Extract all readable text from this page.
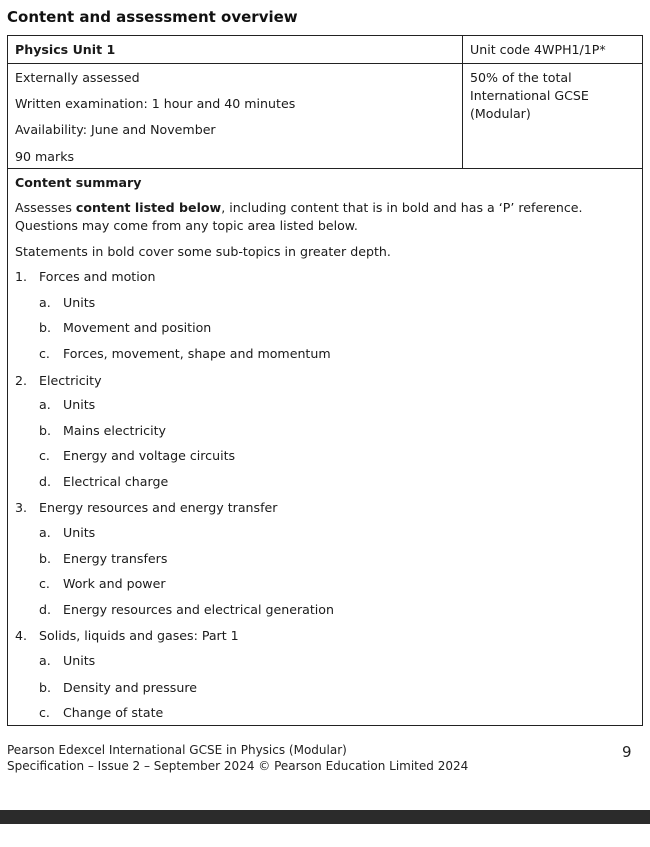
Content and assessment overview
Physics Unit 1	Unit code 4WPH1/1P*
Externally assessed
Written examination: 1 hour and 40 minutes
Availability: June and November
90 marks
50% of the total International GCSE (Modular)
Content summary
Assesses content listed below, including content that is in bold and has a ‘P’ reference. Questions may come from any topic area listed below.
Statements in bold cover some sub-topics in greater depth.
1. Forces and motion
a. Units
b. Movement and position
c. Forces, movement, shape and momentum
2. Electricity
a. Units
b. Mains electricity
c. Energy and voltage circuits
d. Electrical charge
3. Energy resources and energy transfer
a. Units
b. Energy transfers
c. Work and power
d. Energy resources and electrical generation
4. Solids, liquids and gases: Part 1
a. Units
b. Density and pressure
c. Change of state
Pearson Edexcel International GCSE in Physics (Modular)
Specification – Issue 2 – September 2024 © Pearson Education Limited 2024
9
